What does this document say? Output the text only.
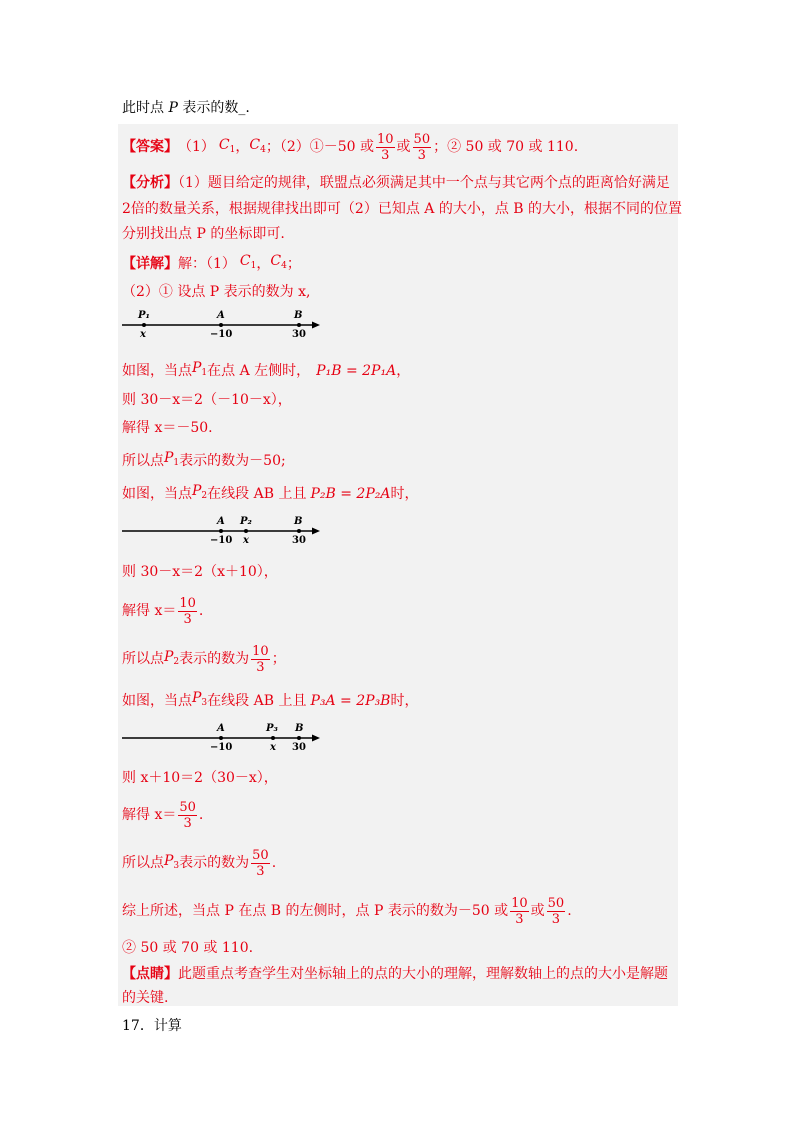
此时点 P 表示的数_.
【答案】 （1） $C_1$ ， $C_4$ ；（2）①－50 或 $\frac{10}{3}$ 或 $\frac{50}{3}$ ；② 50 或 70 或 110.
【分析】（1）题目给定的规律，联盟点必须满足其中一个点与其它两个点的距离恰好满足
2倍的数量关系，根据规律找出即可（2）已知点 A 的大小，点 B 的大小，根据不同的位置
分别找出点 P 的坐标即可.
【详解】 解：（1） $C_1$ ， $C_4$ ；
（2）① 设点 P 表示的数为 x,
P₁	A	B
x	−10	30
如图，当点 $P_1$ 在点 A 左侧时， P₁B = 2P₁A ，
则 30－x＝2（－10－x），
解得 x＝－50.
所以点 $P_1$ 表示的数为－50;
如图，当点 $P_2$ 在线段 AB 上且 P₂B = 2P₂A 时，
A P₂	B
−10 x	30
则 30－x＝2（x＋10），
解得 $x= \frac{10}{3}$ .
所以点 $P_2$ 表示的数为 $\frac{10}{3}$ ；
如图，当点 $P_3$ 在线段 AB 上且 P₃A = 2P₃B 时，
A	P₃ B
−10	x 30
则 x＋10＝2（30－x），
解得 $x= \frac{50}{3}$ .
所以点 $P_3$ 表示的数为 $\frac{50}{3}$ .
综上所述，当点 P 在点 B 的左侧时，点 P 表示的数为－50 或 $\frac{10}{3}$ 或 $\frac{50}{3}$ .
② 50 或 70 或 110.
【点睛】此题重点考查学生对坐标轴上的点的大小的理解，理解数轴上的点的大小是解题
的关键.
17．计算
